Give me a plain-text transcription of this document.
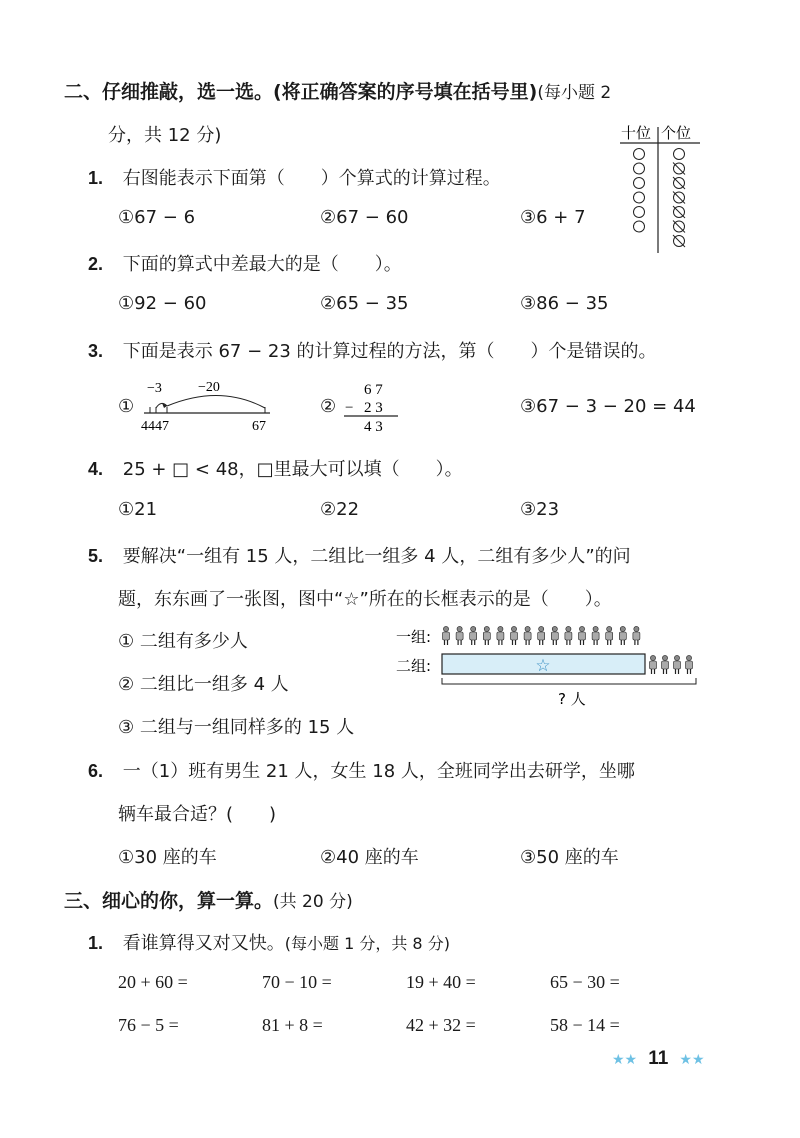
二、仔细推敲，选一选。(将正确答案的序号填在括号里)(每小题 2
分，共 12 分)	十位 个位
1. 右图能表示下面第（　　）个算式的计算过程。
①67 − 6	②67 − 60	③6 + 7
2. 下面的算式中差最大的是（　　）。
①92 − 60	②65 − 35	③86 − 35
3. 下面是表示 67 − 23 的计算过程的方法，第（　　）个是错误的。
①
−3	−20
4447	67
②
6 7
− 2 3
4 3
③67 − 3 − 20 = 44
4. 25 + □ < 48，□里最大可以填（　　）。
①21	②22	③23
5. 要解决“一组有 15 人，二组比一组多 4 人，二组有多少人”的问
题，东东画了一张图，图中“☆”所在的长框表示的是（　　）。
① 二组有多少人
② 二组比一组多 4 人
③ 二组与一组同样多的 15 人
一组:
二组:	☆
? 人
6. 一（1）班有男生 21 人，女生 18 人，全班同学出去研学，坐哪
辆车最合适？(　　)
①30 座的车	②40 座的车	③50 座的车
三、细心的你，算一算。(共 20 分)
1. 看谁算得又对又快。(每小题 1 分，共 8 分)
20 + 60 =	70 − 10 =	19 + 40 =	65 − 30 =
76 − 5 =	81 + 8 =	42 + 32 =	58 − 14 =
★★ 11 ★★
